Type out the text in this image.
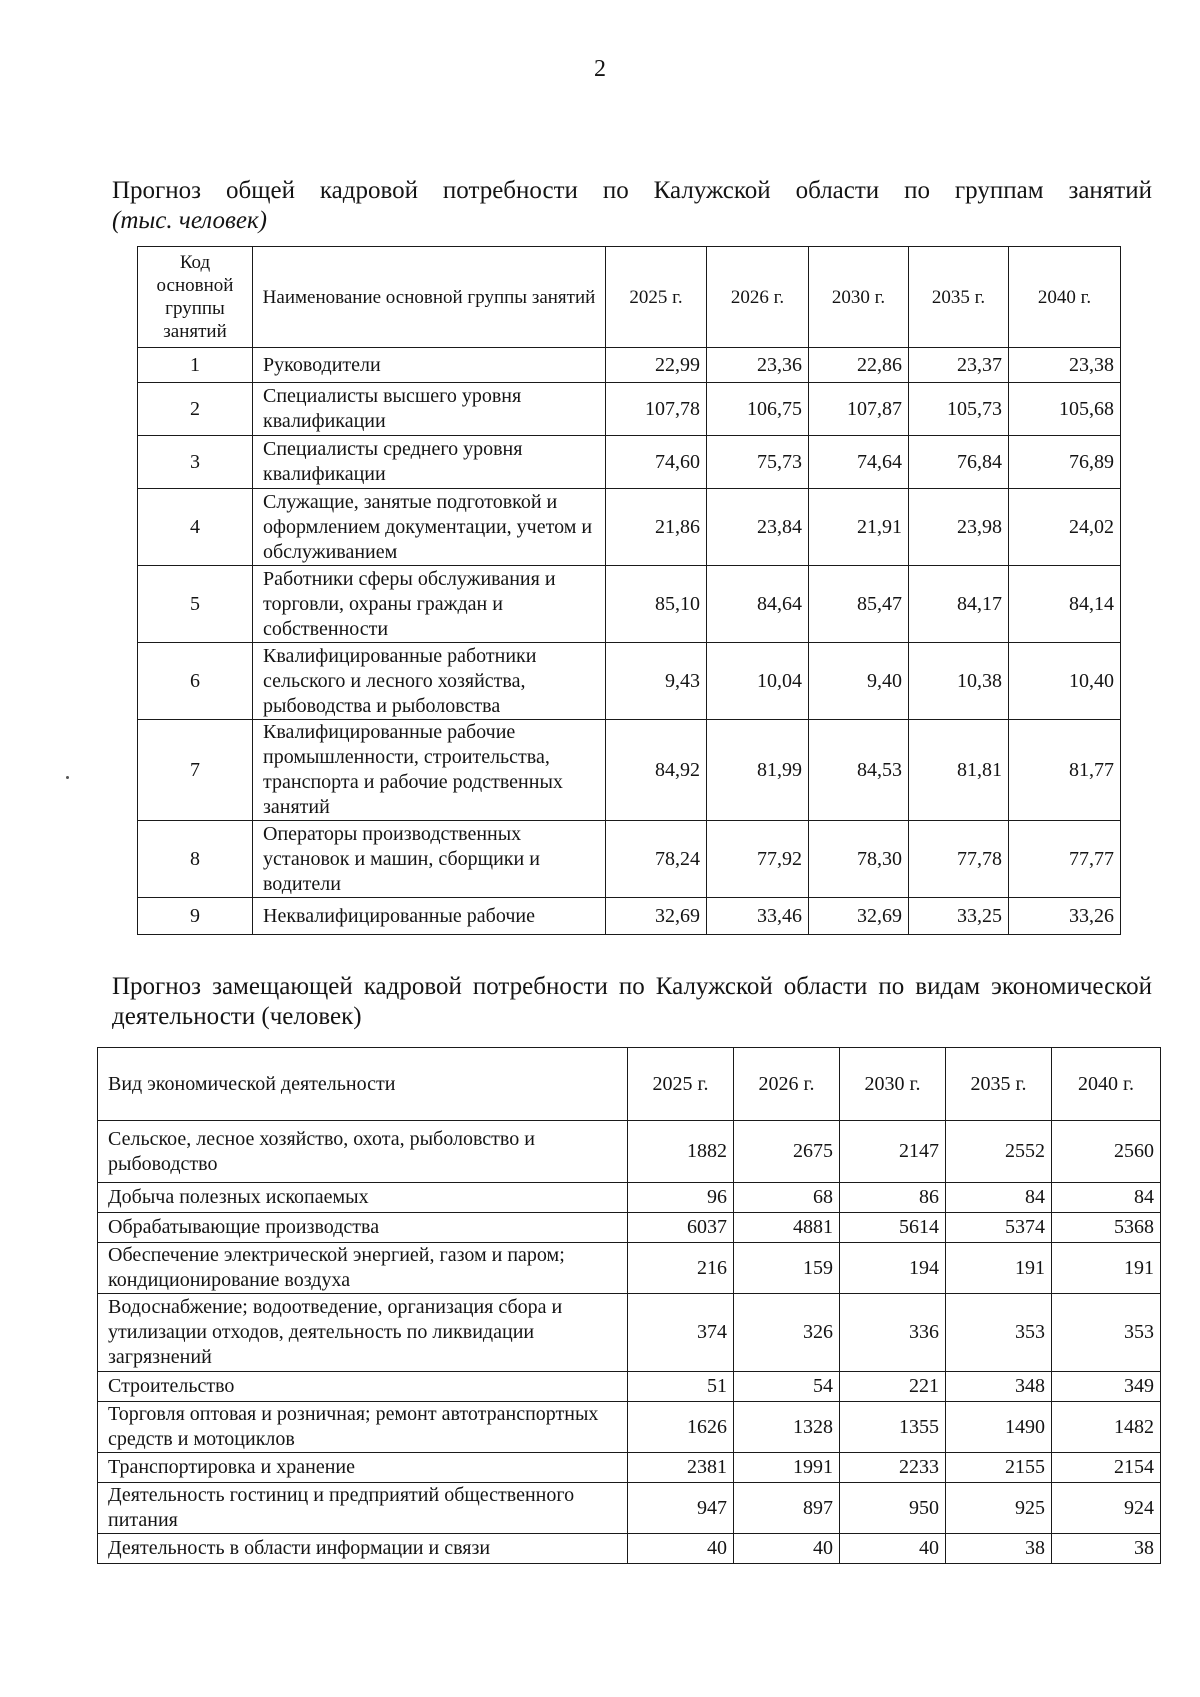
2
Прогноз общей кадровой потребности по Калужской области по группам занятий
(тыс. человек)
Код основной группы занятий	Наименование основной группы занятий	2025 г.	2026 г.	2030 г.	2035 г.	2040 г.
1	Руководители	22,99	23,36	22,86	23,37	23,38
2	Специалисты высшего уровня квалификации	107,78	106,75	107,87	105,73	105,68
3	Специалисты среднего уровня квалификации	74,60	75,73	74,64	76,84	76,89
4	Служащие, занятые подготовкой и оформлением документации, учетом и обслуживанием	21,86	23,84	21,91	23,98	24,02
5	Работники сферы обслуживания и торговли, охраны граждан и собственности	85,10	84,64	85,47	84,17	84,14
6	Квалифицированные работники сельского и лесного хозяйства, рыбоводства и рыболовства	9,43	10,04	9,40	10,38	10,40
7	Квалифицированные рабочие промышленности, строительства, транспорта и рабочие родственных занятий	84,92	81,99	84,53	81,81	81,77
8	Операторы производственных установок и машин, сборщики и водители	78,24	77,92	78,30	77,78	77,77
9	Неквалифицированные рабочие	32,69	33,46	32,69	33,25	33,26
Прогноз замещающей кадровой потребности по Калужской области по видам экономической деятельности (человек)
Вид экономической деятельности	2025 г.	2026 г.	2030 г.	2035 г.	2040 г.
Сельское, лесное хозяйство, охота, рыболовство и рыбоводство	1882	2675	2147	2552	2560
Добыча полезных ископаемых	96	68	86	84	84
Обрабатывающие производства	6037	4881	5614	5374	5368
Обеспечение электрической энергией, газом и паром; кондиционирование воздуха	216	159	194	191	191
Водоснабжение; водоотведение, организация сбора и утилизации отходов, деятельность по ликвидации загрязнений	374	326	336	353	353
Строительство	51	54	221	348	349
Торговля оптовая и розничная; ремонт автотранспортных средств и мотоциклов	1626	1328	1355	1490	1482
Транспортировка и хранение	2381	1991	2233	2155	2154
Деятельность гостиниц и предприятий общественного питания	947	897	950	925	924
Деятельность в области информации и связи	40	40	40	38	38
